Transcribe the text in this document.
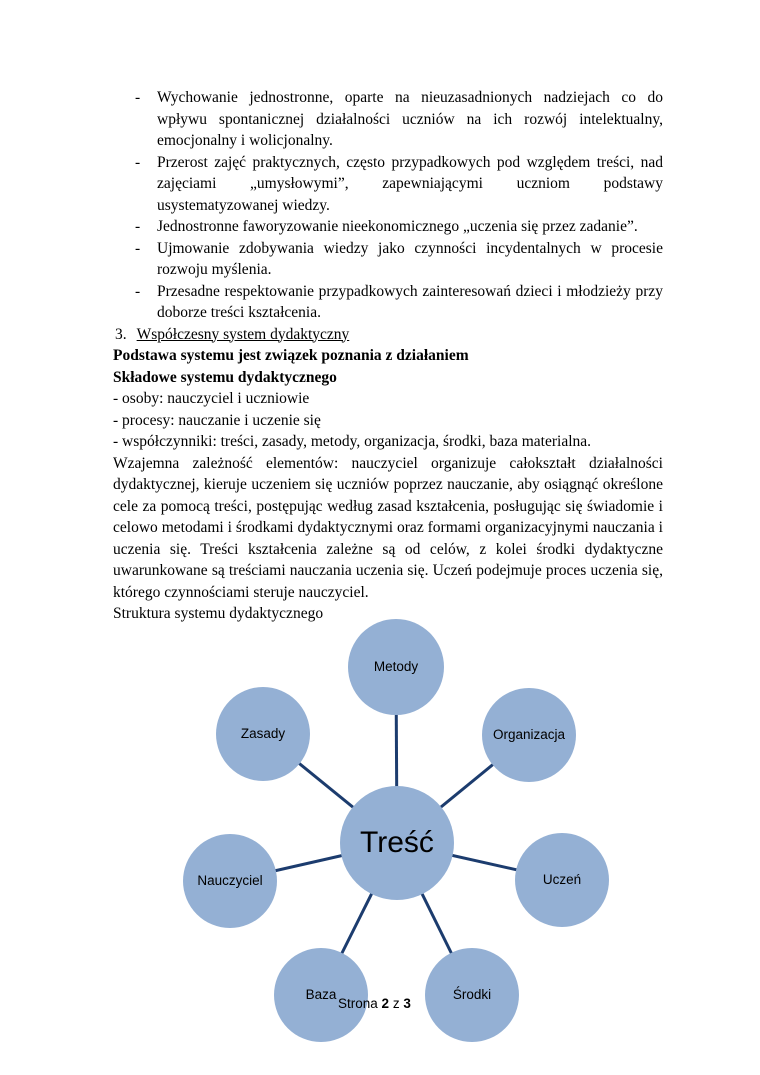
- Wychowanie jednostronne, oparte na nieuzasadnionych nadziejach co do wpływu spontanicznej działalności uczniów na ich rozwój intelektualny, emocjonalny i wolicjonalny.
- Przerost zajęć praktycznych, często przypadkowych pod względem treści, nad zajęciami „umysłowymi”, zapewniającymi uczniom podstawy usystematyzowanej wiedzy.
- Jednostronne faworyzowanie nieekonomicznego „uczenia się przez zadanie”.
- Ujmowanie zdobywania wiedzy jako czynności incydentalnych w procesie rozwoju myślenia.
- Przesadne respektowanie przypadkowych zainteresowań dzieci i młodzieży przy doborze treści kształcenia.
3. Współczesny system dydaktyczny

Podstawa systemu jest związek poznania z działaniem

Składowe systemu dydaktycznego

- osoby: nauczyciel i uczniowie

- procesy: nauczanie i uczenie się

- współczynniki: treści, zasady, metody, organizacja, środki, baza materialna.

Wzajemna zależność elementów: nauczyciel organizuje całokształt działalności dydaktycznej, kieruje uczeniem się uczniów poprzez nauczanie, aby osiągnąć określone cele za pomocą treści, postępując według zasad kształcenia, posługując się świadomie i celowo metodami i środkami dydaktycznymi oraz formami organizacyjnymi nauczania i uczenia się. Treści kształcenia zależne są od celów, z kolei środki dydaktyczne uwarunkowane są treściami nauczania uczenia się. Uczeń podejmuje proces uczenia się, którego czynnościami steruje nauczyciel.

Struktura systemu dydaktycznego

Metody
Zasady	Organizacja
Nauczyciel	Uczeń
Baza	Środki
Treść
Strona 2 z 3
